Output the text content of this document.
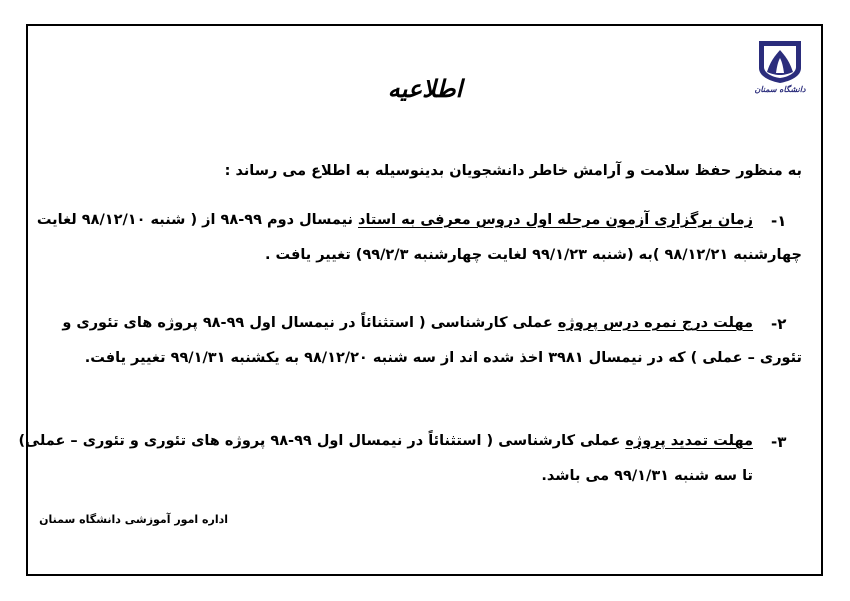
دانشگاه سمنان
اطلاعیه
به منظور حفظ سلامت و آرامش خاطر دانشجویان بدینوسیله به اطلاع می رساند :
-۱
زمان برگزاری آزمون مرحله اول دروس معرفی به استاد نیمسال دوم ۹۹-۹۸ از ( شنبه ۹۸/۱۲/۱۰ لغایت
چهارشنبه ۹۸/۱۲/۲۱ )به (شنبه ۹۹/۱/۲۳ لغایت چهارشنبه ۹۹/۲/۳) تغییر یافت .
-۲
مهلت درج نمره درس پروژه عملی کارشناسی ( استثنائاً در نیمسال اول ۹۹-۹۸ پروژه های تئوری و
تئوری – عملی ) که در نیمسال ۳۹۸۱ اخذ شده اند از سه شنبه ۹۸/۱۲/۲۰ به یکشنبه ۹۹/۱/۳۱ تغییر یافت.
-۳
مهلت تمدید پروژه عملی کارشناسی ( استثنائاً در نیمسال اول ۹۹-۹۸ پروژه های تئوری و تئوری – عملی)
تا سه شنبه ۹۹/۱/۳۱ می باشد.
اداره امور آموزشی دانشگاه سمنان
